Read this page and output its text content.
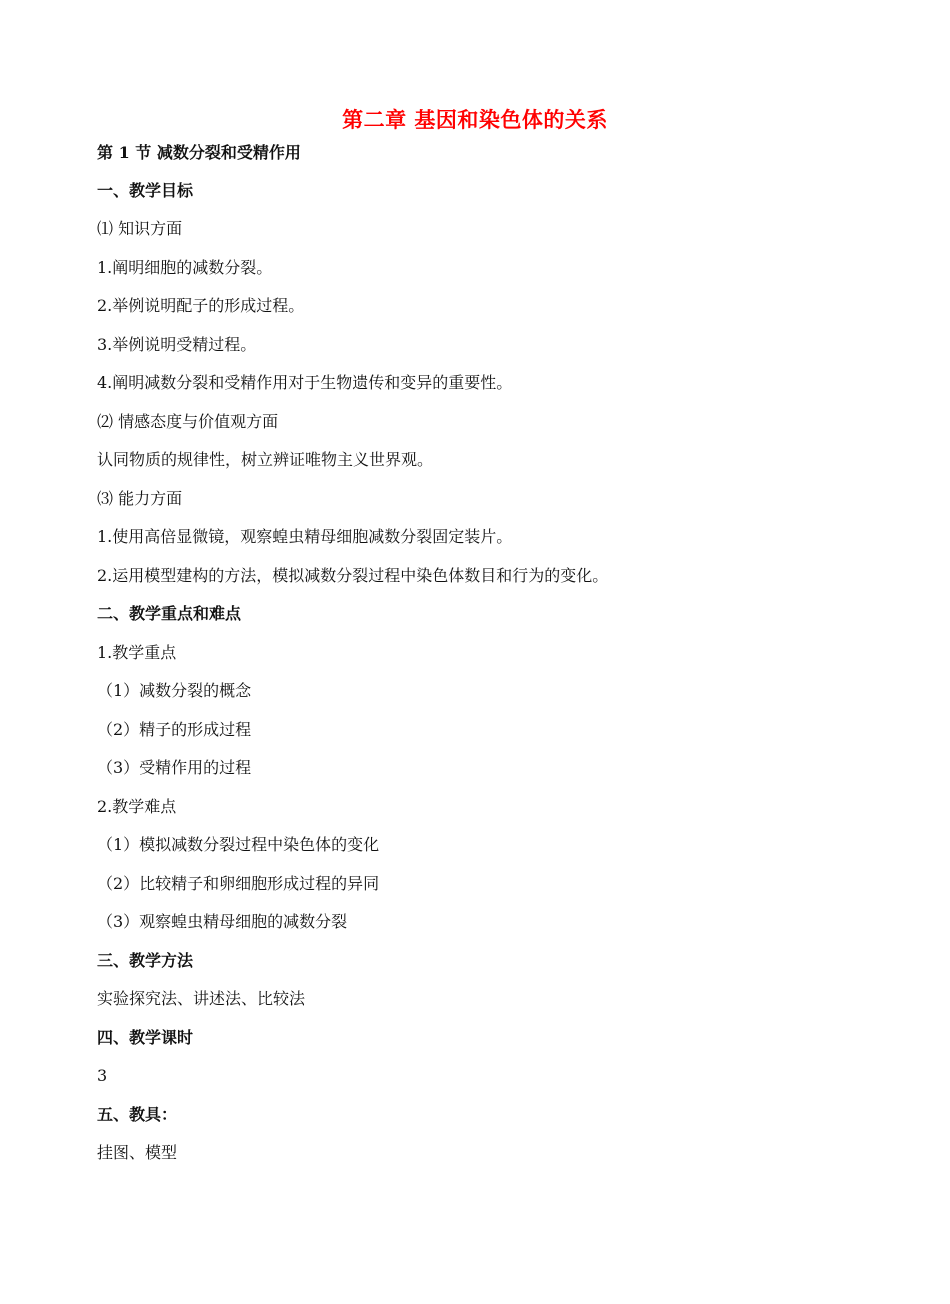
第二章 基因和染色体的关系
第 1 节 减数分裂和受精作用
一、教学目标
⑴ 知识方面
1.阐明细胞的减数分裂。
2.举例说明配子的形成过程。
3.举例说明受精过程。
4.阐明减数分裂和受精作用对于生物遗传和变异的重要性。
⑵ 情感态度与价值观方面
认同物质的规律性，树立辨证唯物主义世界观。
⑶ 能力方面
1.使用高倍显微镜，观察蝗虫精母细胞减数分裂固定装片。
2.运用模型建构的方法，模拟减数分裂过程中染色体数目和行为的变化。
二、教学重点和难点
1.教学重点
（1）减数分裂的概念
（2）精子的形成过程
（3）受精作用的过程
2.教学难点
（1）模拟减数分裂过程中染色体的变化
（2）比较精子和卵细胞形成过程的异同
（3）观察蝗虫精母细胞的减数分裂
三、教学方法
实验探究法、讲述法、比较法
四、教学课时
3
五、教具：
挂图、模型
